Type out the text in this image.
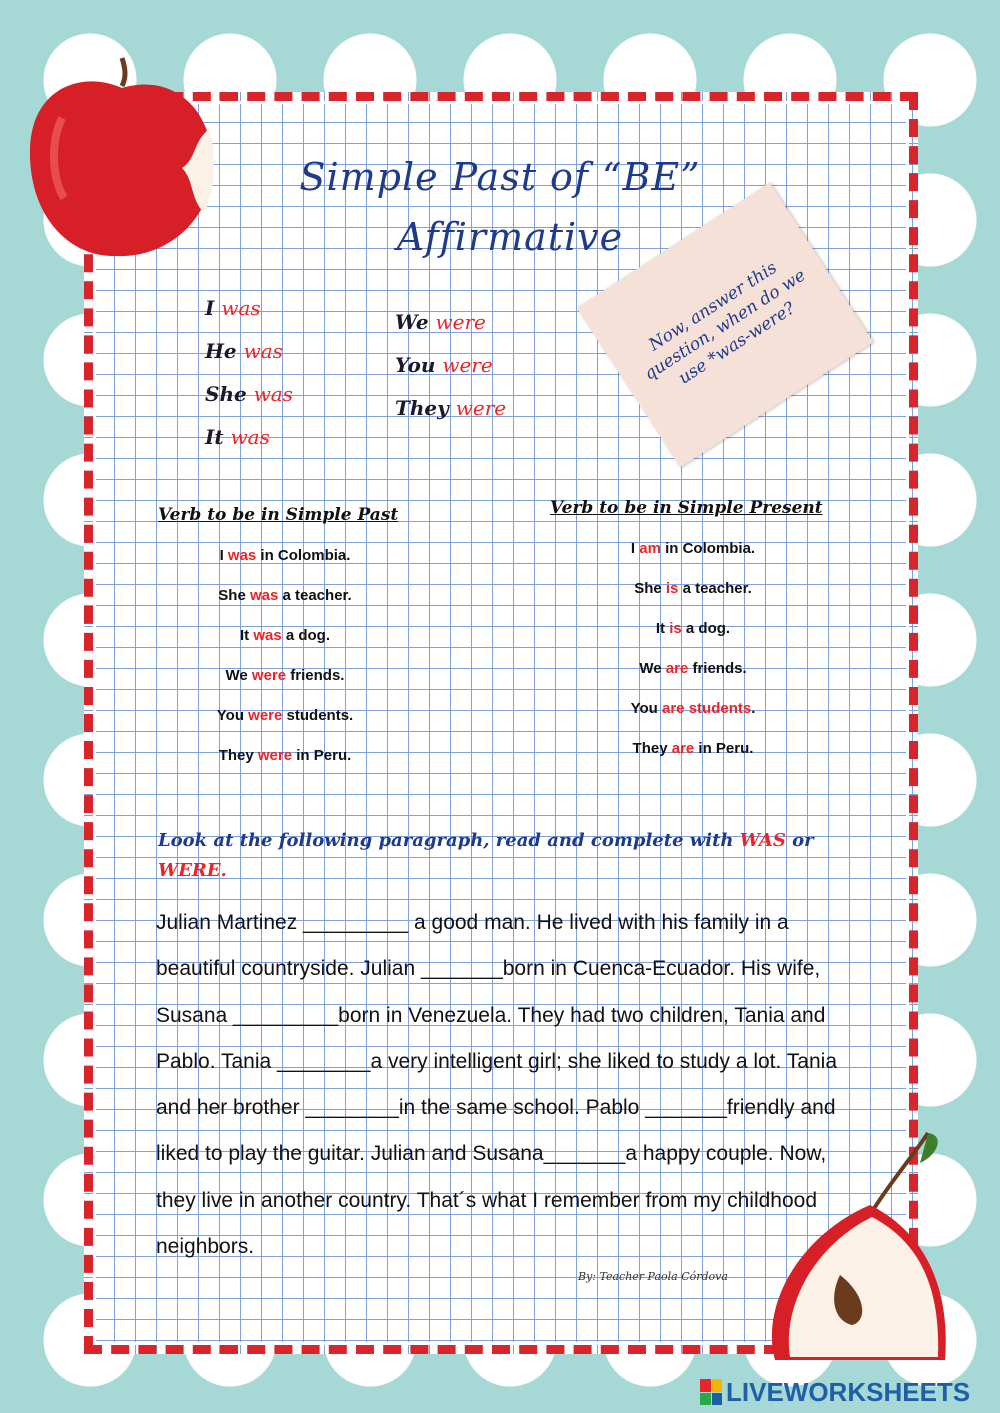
Simple Past of “BE”
Affirmative
I was
He was
She was
It was
We were
You were
They were
Now, answer this question, when do we use *was-were?
Verb to be in Simple Past	Verb to be in Simple Present
I was in Colombia.
She was a teacher.
It was a dog.
We were friends.
You were students.
They were in Peru.
I am in Colombia.
She is a teacher.
It is a dog.
We are friends.
You are students.
They are in Peru.
Look at the following paragraph, read and complete with WAS or WERE.
Julian Martinez _________ a good man. He lived with his family in a
beautiful countryside. Julian _______born in Cuenca-Ecuador. His wife,
Susana _________born in Venezuela. They had two children, Tania and
Pablo. Tania ________a very intelligent girl; she liked to study a lot. Tania
and her brother ________in the same school. Pablo _______friendly and
liked to play the guitar. Julian and Susana_______a happy couple. Now,
they live in another country. That´s what I remember from my childhood
neighbors.
By: Teacher Paola Córdova
LIVEWORKSHEETS
